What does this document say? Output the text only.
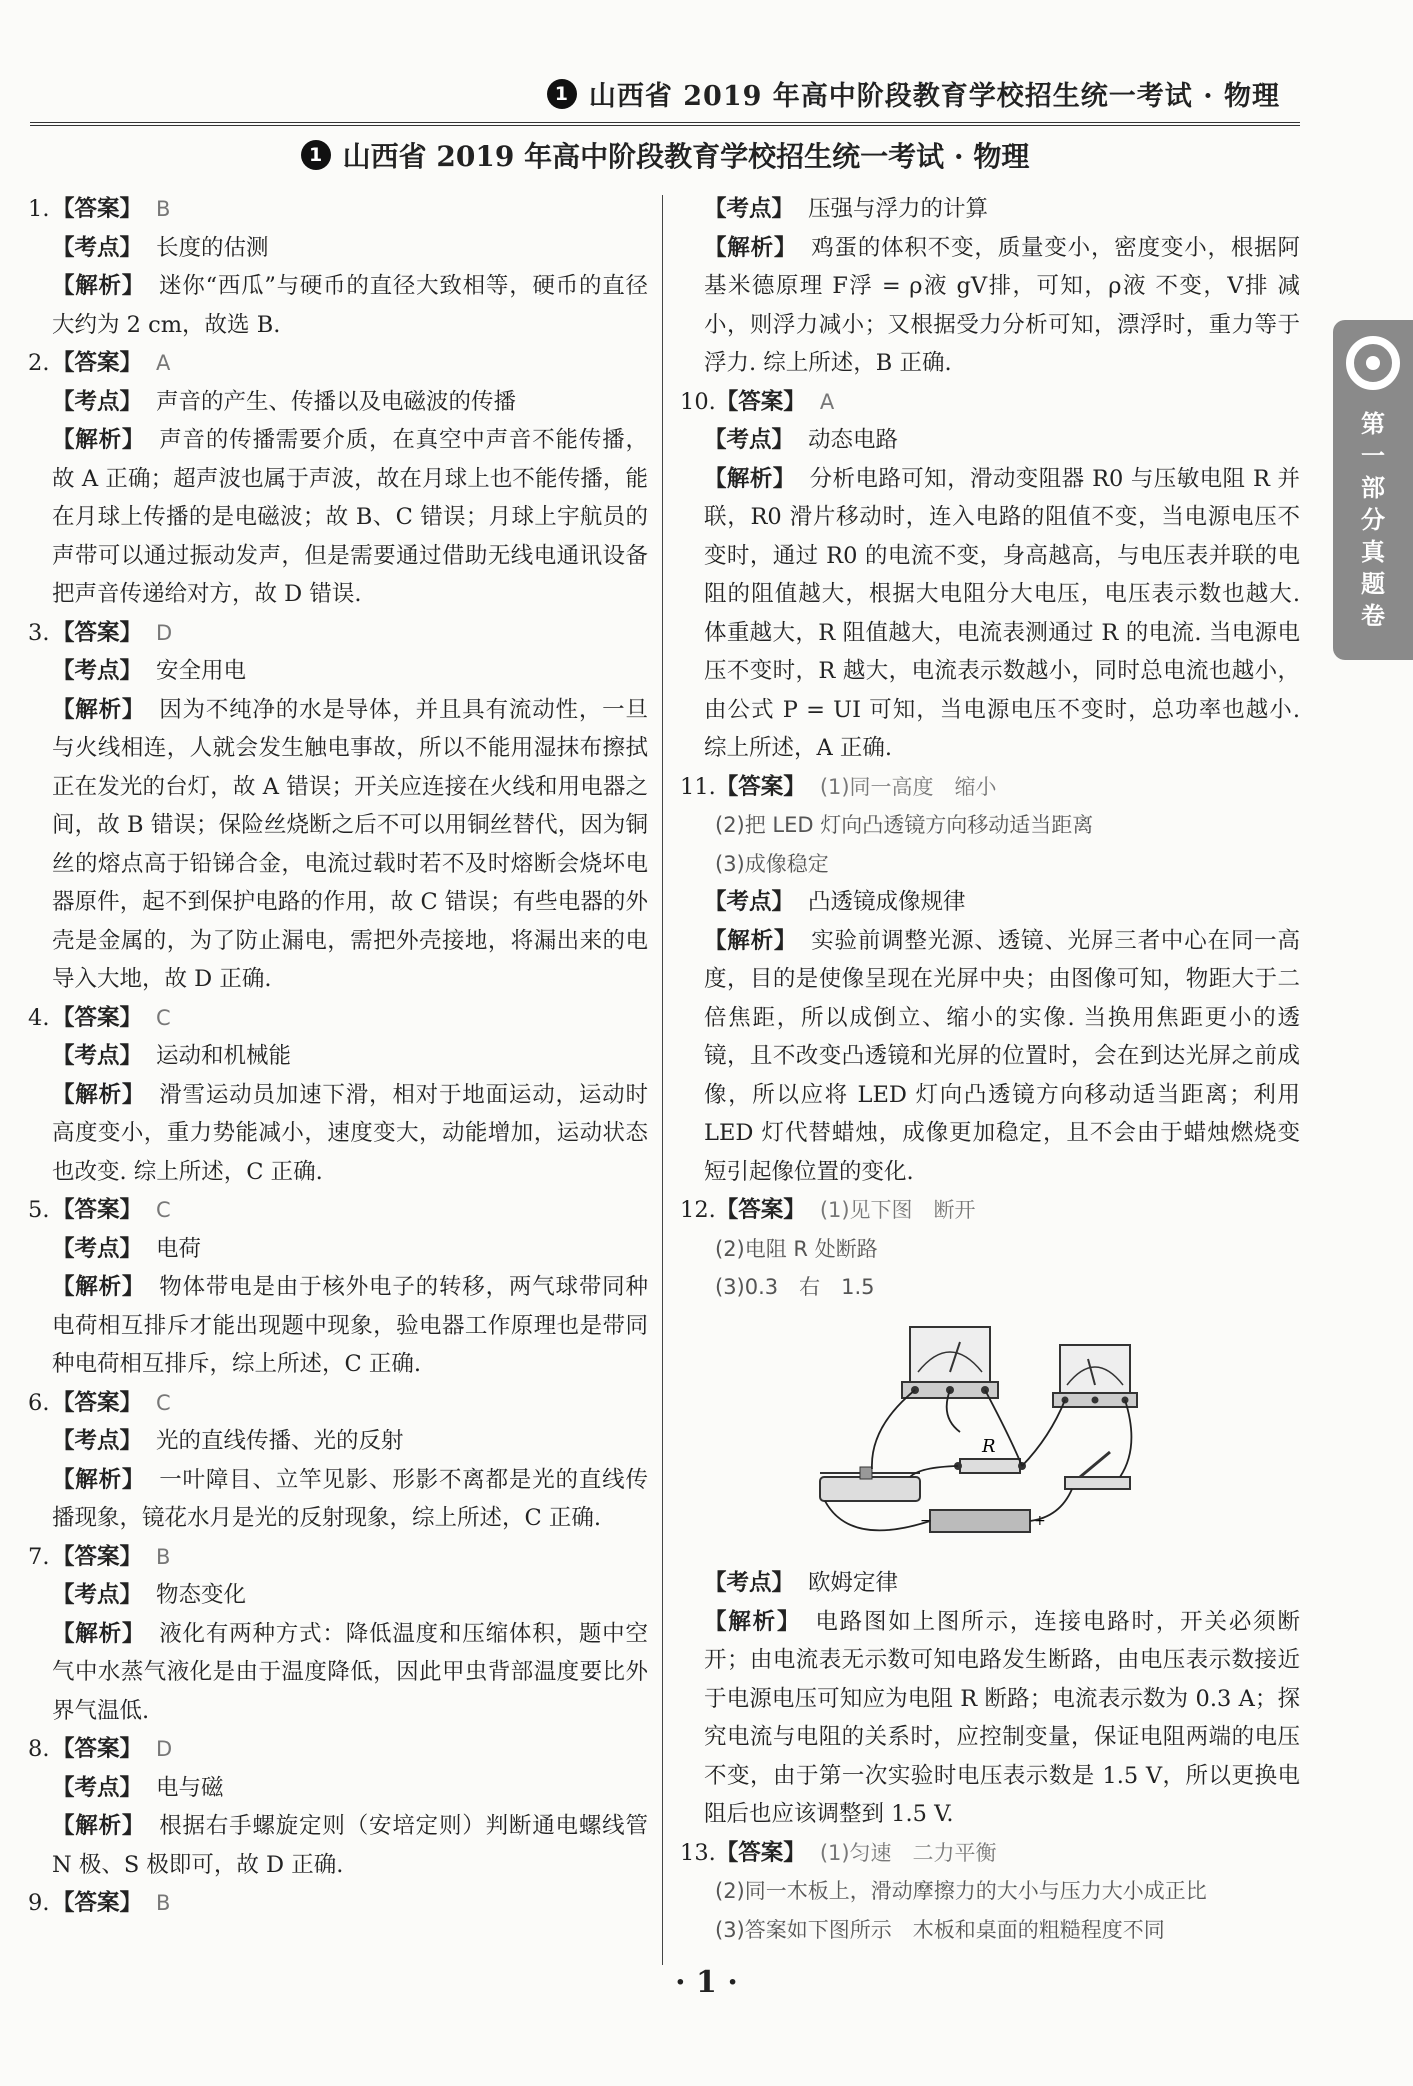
1 山西省 2019 年高中阶段教育学校招生统一考试 · 物理
1 山西省 2019 年高中阶段教育学校招生统一考试 · 物理
1. 【答案】 B
【考点】 长度的估测
【解析】 迷你“西瓜”与硬币的直径大致相等，硬币的直径大约为 2 cm，故选 B.
2. 【答案】 A
【考点】 声音的产生、传播以及电磁波的传播
【解析】 声音的传播需要介质，在真空中声音不能传播，故 A 正确；超声波也属于声波，故在月球上也不能传播，能在月球上传播的是电磁波；故 B、C 错误；月球上宇航员的声带可以通过振动发声，但是需要通过借助无线电通讯设备把声音传递给对方，故 D 错误.
3. 【答案】 D
【考点】 安全用电
【解析】 因为不纯净的水是导体，并且具有流动性，一旦与火线相连，人就会发生触电事故，所以不能用湿抹布擦拭正在发光的台灯，故 A 错误；开关应连接在火线和用电器之间，故 B 错误；保险丝烧断之后不可以用铜丝替代，因为铜丝的熔点高于铅锑合金，电流过载时若不及时熔断会烧坏电器原件，起不到保护电路的作用，故 C 错误；有些电器的外壳是金属的，为了防止漏电，需把外壳接地，将漏出来的电导入大地，故 D 正确.
4. 【答案】 C
【考点】 运动和机械能
【解析】 滑雪运动员加速下滑，相对于地面运动，运动时高度变小，重力势能减小，速度变大，动能增加，运动状态也改变. 综上所述，C 正确.
5. 【答案】 C
【考点】 电荷
【解析】 物体带电是由于核外电子的转移，两气球带同种电荷相互排斥才能出现题中现象，验电器工作原理也是带同种电荷相互排斥，综上所述，C 正确.
6. 【答案】 C
【考点】 光的直线传播、光的反射
【解析】 一叶障目、立竿见影、形影不离都是光的直线传播现象，镜花水月是光的反射现象，综上所述，C 正确.
7. 【答案】 B
【考点】 物态变化
【解析】 液化有两种方式：降低温度和压缩体积，题中空气中水蒸气液化是由于温度降低，因此甲虫背部温度要比外界气温低.
8. 【答案】 D
【考点】 电与磁
【解析】 根据右手螺旋定则（安培定则）判断通电螺线管 N 极、S 极即可，故 D 正确.
9. 【答案】 B
【考点】 压强与浮力的计算
【解析】 鸡蛋的体积不变，质量变小，密度变小，根据阿基米德原理 F浮 = ρ液 gV排，可知，ρ液 不变，V排 减小，则浮力减小；又根据受力分析可知，漂浮时，重力等于浮力. 综上所述，B 正确.
10.【答案】 A
【考点】 动态电路
【解析】 分析电路可知，滑动变阻器 R0 与压敏电阻 R 并联，R0 滑片移动时，连入电路的阻值不变，当电源电压不变时，通过 R0 的电流不变，身高越高，与电压表并联的电阻的阻值越大，根据大电阻分大电压，电压表示数也越大. 体重越大，R 阻值越大，电流表测通过 R 的电流. 当电源电压不变时，R 越大，电流表示数越小，同时总电流也越小，由公式 P = UI 可知，当电源电压不变时，总功率也越小. 综上所述，A 正确.
11.【答案】 (1)同一高度　缩小
(2)把 LED 灯向凸透镜方向移动适当距离
(3)成像稳定
【考点】 凸透镜成像规律
【解析】 实验前调整光源、透镜、光屏三者中心在同一高度，目的是使像呈现在光屏中央；由图像可知，物距大于二倍焦距，所以成倒立、缩小的实像. 当换用焦距更小的透镜，且不改变凸透镜和光屏的位置时，会在到达光屏之前成像，所以应将 LED 灯向凸透镜方向移动适当距离；利用 LED 灯代替蜡烛，成像更加稳定，且不会由于蜡烛燃烧变短引起像位置的变化.
12.【答案】 (1)见下图　断开
(2)电阻 R 处断路
(3)0.3　右　1.5
R
−	+
【考点】 欧姆定律
【解析】 电路图如上图所示，连接电路时，开关必须断开；由电流表无示数可知电路发生断路，由电压表示数接近于电源电压可知应为电阻 R 断路；电流表示数为 0.3 A；探究电流与电阻的关系时，应控制变量，保证电阻两端的电压不变，由于第一次实验时电压表示数是 1.5 V，所以更换电阻后也应该调整到 1.5 V.
13.【答案】 (1)匀速　二力平衡
(2)同一木板上，滑动摩擦力的大小与压力大小成正比
(3)答案如下图所示　木板和桌面的粗糙程度不同
第一部分 真题卷
· 1 ·
